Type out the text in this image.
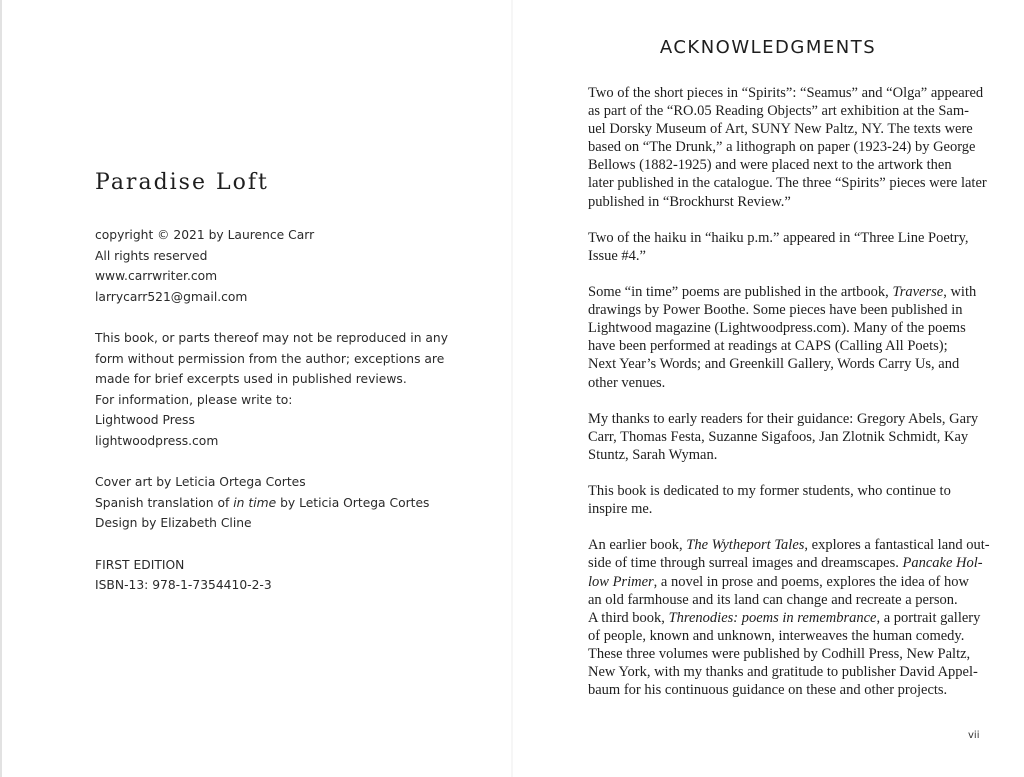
Paradise Loft
copyright © 2021 by Laurence Carr
All rights reserved
www.carrwriter.com
larrycarr521@gmail.com
This book, or parts thereof may not be reproduced in any
form without permission from the author; exceptions are
made for brief excerpts used in published reviews.
For information, please write to:
Lightwood Press
lightwoodpress.com
Cover art by Leticia Ortega Cortes
Spanish translation of in time by Leticia Ortega Cortes
Design by Elizabeth Cline
FIRST EDITION
ISBN-13: 978-1-7354410-2-3
ACKNOWLEDGMENTS

Two of the short pieces in “Spirits”: “Seamus” and “Olga” appeared
as part of the “RO.05 Reading Objects” art exhibition at the Sam-
uel Dorsky Museum of Art, SUNY New Paltz, NY. The texts were
based on “The Drunk,” a lithograph on paper (1923-24) by George
Bellows (1882-1925) and were placed next to the artwork then
later published in the catalogue. The three “Spirits” pieces were later
published in “Brockhurst Review.”

Two of the haiku in “haiku p.m.” appeared in “Three Line Poetry,
Issue #4.”

Some “in time” poems are published in the artbook, Traverse, with
drawings by Power Boothe. Some pieces have been published in
Lightwood magazine (Lightwoodpress.com). Many of the poems
have been performed at readings at CAPS (Calling All Poets);
Next Year’s Words; and Greenkill Gallery, Words Carry Us, and
other venues.

My thanks to early readers for their guidance: Gregory Abels, Gary
Carr, Thomas Festa, Suzanne Sigafoos, Jan Zlotnik Schmidt, Kay
Stuntz, Sarah Wyman.

This book is dedicated to my former students, who continue to
inspire me.

An earlier book, The Wytheport Tales, explores a fantastical land out-
side of time through surreal images and dreamscapes. Pancake Hol-
low Primer, a novel in prose and poems, explores the idea of how
an old farmhouse and its land can change and recreate a person.
A third book, Threnodies: poems in remembrance, a portrait gallery
of people, known and unknown, interweaves the human comedy.
These three volumes were published by Codhill Press, New Paltz,
New York, with my thanks and gratitude to publisher David Appel-
baum for his continuous guidance on these and other projects.

vii
